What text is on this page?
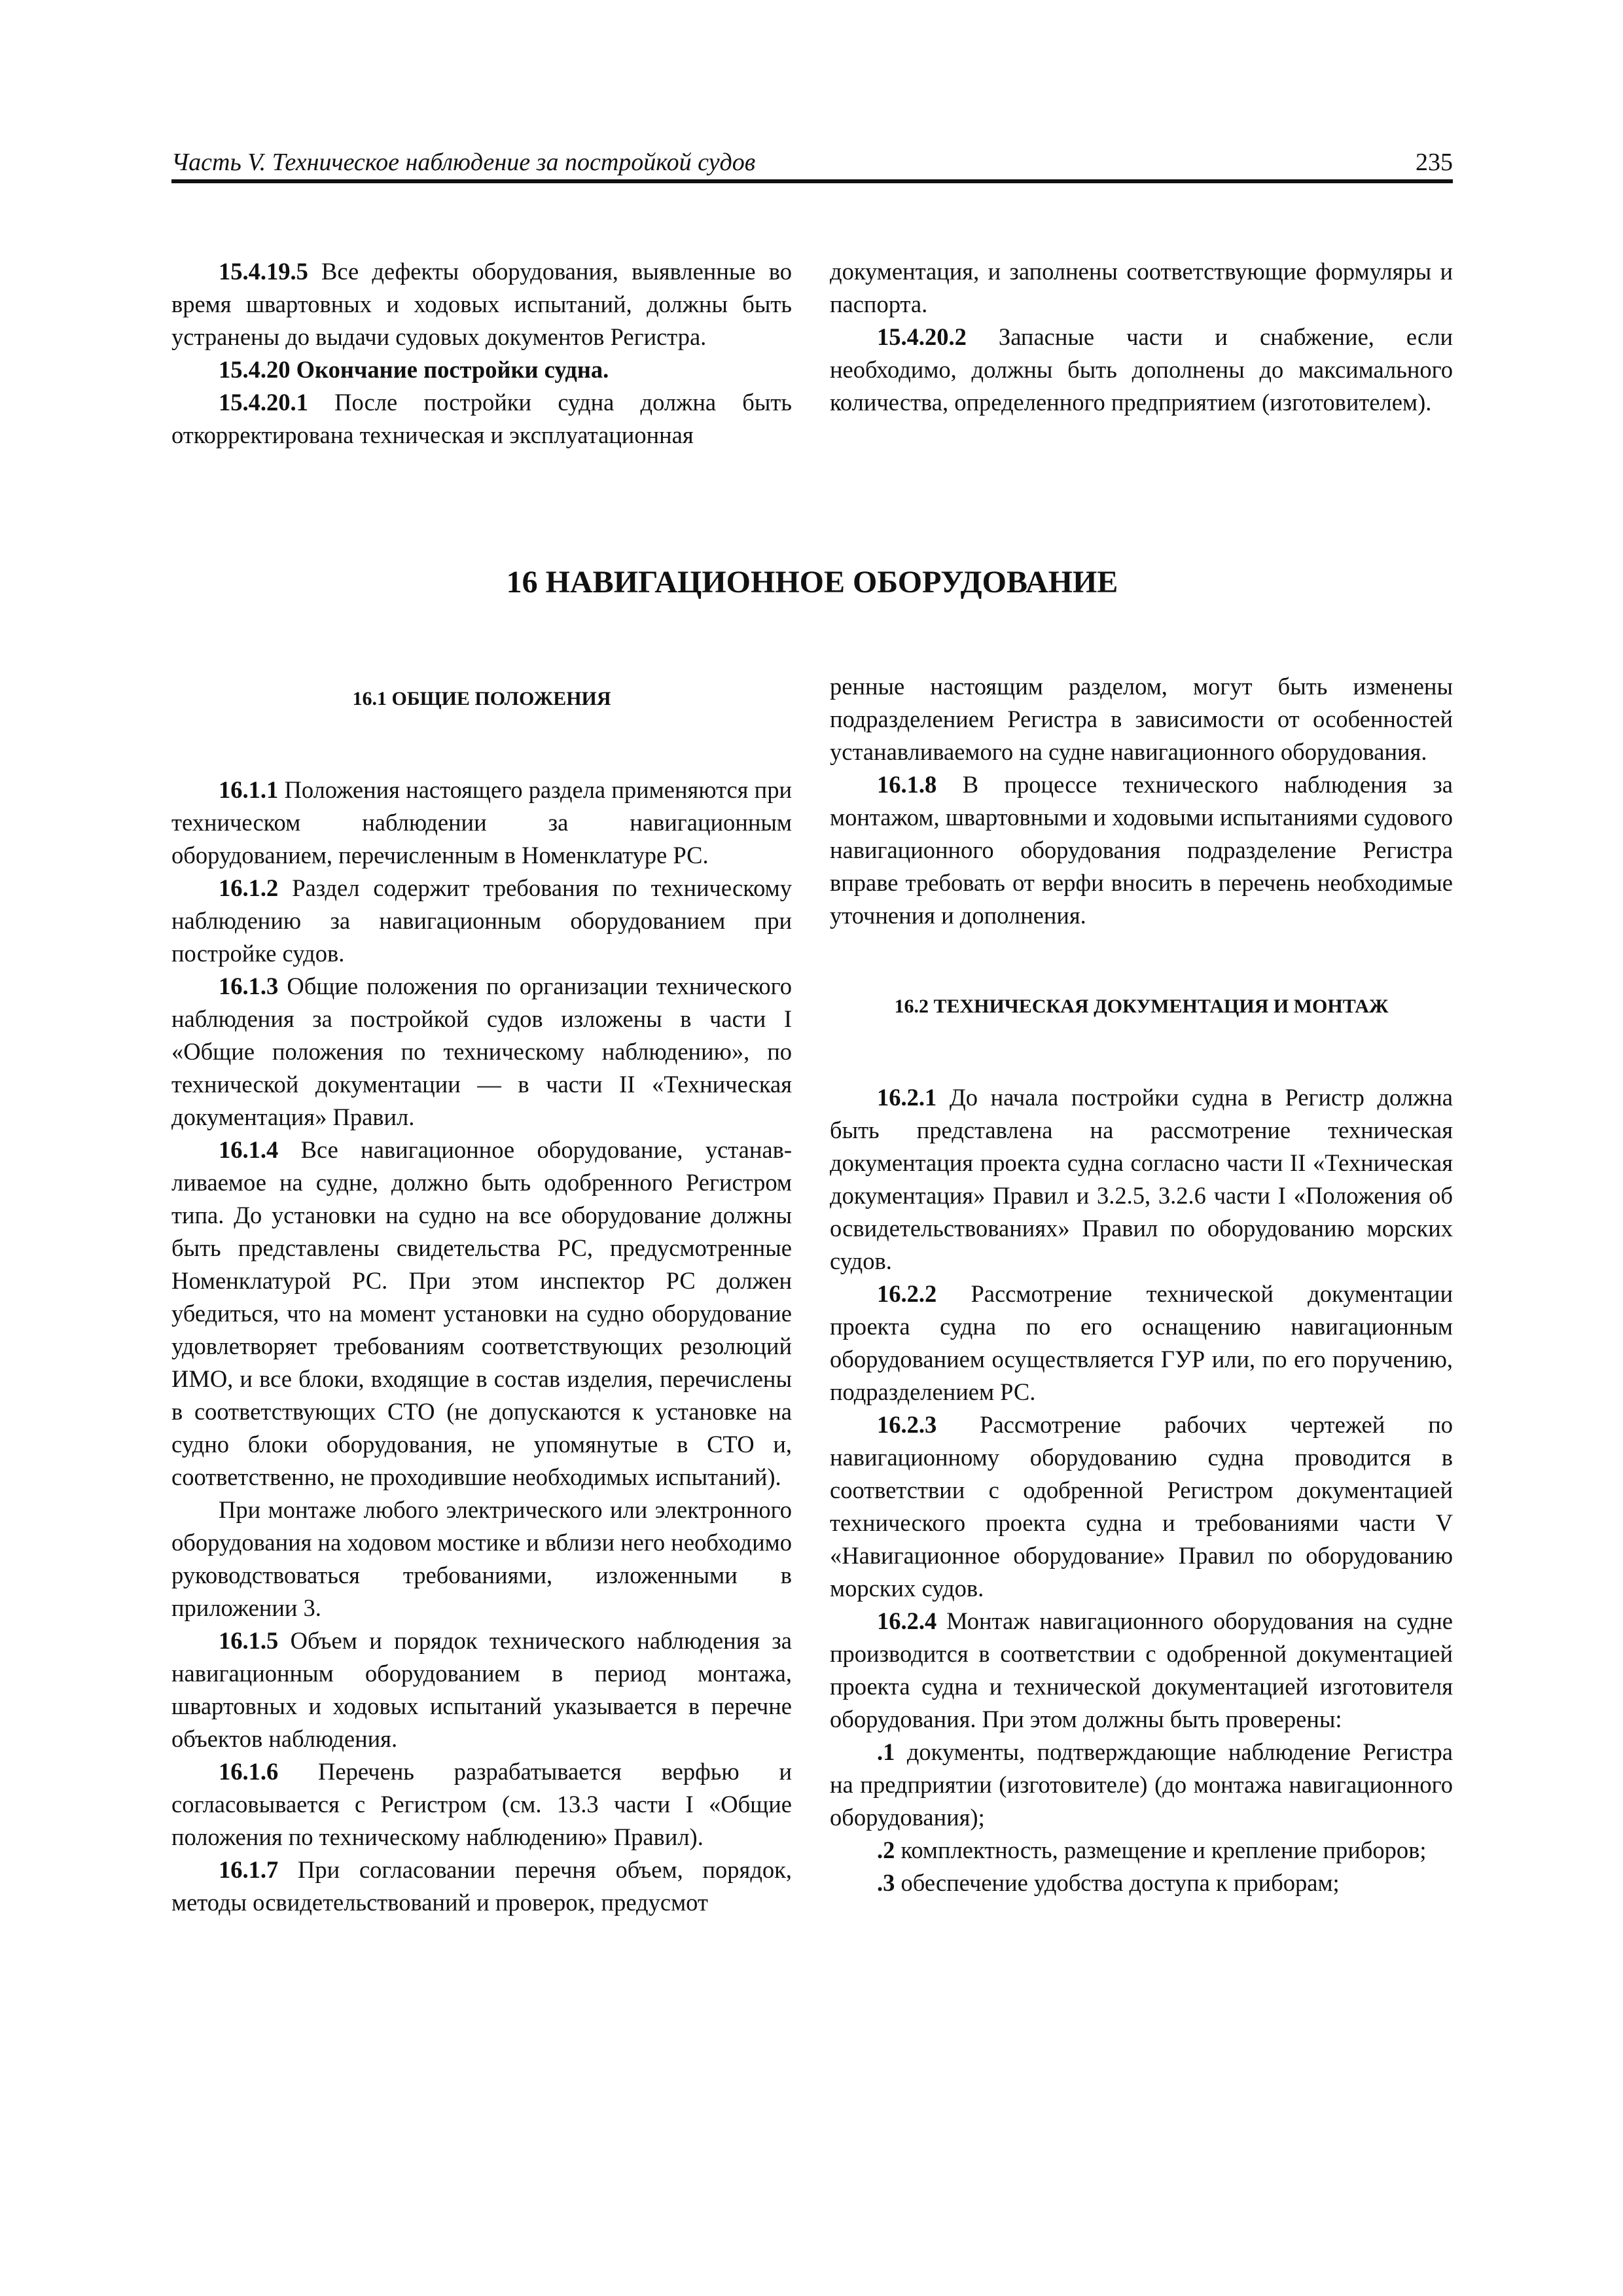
Часть V. Техническое наблюдение за постройкой судов	235

15.4.19.5 Все дефекты оборудования, выявленные во время швартовных и ходовых испытаний, должны быть устранены до выдачи судовых документов Регистра.

15.4.20 Окончание постройки судна.

15.4.20.1 После постройки судна должна быть откорректирована техническая и эксплуатационная

документация, и заполнены соответствующие формуляры и паспорта.

15.4.20.2 Запасные части и снабжение, если необходимо, должны быть дополнены до максимального количества, определенного предприятием (изготовителем).

16 НАВИГАЦИОННОЕ ОБОРУДОВАНИЕ

16.1 ОБЩИЕ ПОЛОЖЕНИЯ

16.1.1 Положения настоящего раздела применяются при техническом наблюдении за навигационным оборудованием, перечисленным в Номенклатуре РС.

16.1.2 Раздел содержит требования по техническому наблюдению за навигационным оборудованием при постройке судов.

16.1.3 Общие положения по организации технического наблюдения за постройкой судов изложены в части I «Общие положения по техническому наблюдению», по технической документации — в части II «Техническая документация» Правил.

16.1.4 Все навигационное оборудование, устанавливаемое на судне, должно быть одобренного Регистром типа. До установки на судно на все оборудование должны быть представлены свидетельства РС, предусмотренные Номенклатурой РС. При этом инспектор РС должен убедиться, что на момент установки на судно оборудование удовлетворяет требованиям соответствующих резолюций ИМО, и все блоки, входящие в состав изделия, перечислены в соответствующих СТО (не допускаются к установке на судно блоки оборудования, не упомянутые в СТО и, соответственно, не проходившие необходимых испытаний).

При монтаже любого электрического или электронного оборудования на ходовом мостике и вблизи него необходимо руководствоваться требованиями, изложенными в приложении 3.

16.1.5 Объем и порядок технического наблюдения за навигационным оборудованием в период монтажа, швартовных и ходовых испытаний указывается в перечне объектов наблюдения.

16.1.6 Перечень разрабатывается верфью и согласовывается с Регистром (см. 13.3 части I «Общие положения по техническому наблюдению» Правил).

16.1.7 При согласовании перечня объем, порядок, методы освидетельствований и проверок, предусмот

ренные настоящим разделом, могут быть изменены подразделением Регистра в зависимости от особенностей устанавливаемого на судне навигационного оборудования.

16.1.8 В процессе технического наблюдения за монтажом, швартовными и ходовыми испытаниями судового навигационного оборудования подразделение Регистра вправе требовать от верфи вносить в перечень необходимые уточнения и дополнения.

16.2 ТЕХНИЧЕСКАЯ ДОКУМЕНТАЦИЯ И МОНТАЖ

16.2.1 До начала постройки судна в Регистр должна быть представлена на рассмотрение техническая документация проекта судна согласно части II «Техническая документация» Правил и 3.2.5, 3.2.6 части I «Положения об освидетельствованиях» Правил по оборудованию морских судов.

16.2.2 Рассмотрение технической документации проекта судна по его оснащению навигационным оборудованием осуществляется ГУР или, по его поручению, подразделением РС.

16.2.3 Рассмотрение рабочих чертежей по навигационному оборудованию судна проводится в соответствии с одобренной Регистром документацией технического проекта судна и требованиями части V «Навигационное оборудование» Правил по оборудованию морских судов.

16.2.4 Монтаж навигационного оборудования на судне производится в соответствии с одобренной документацией проекта судна и технической документацией изготовителя оборудования. При этом должны быть проверены:

.1 документы, подтверждающие наблюдение Регистра на предприятии (изготовителе) (до монтажа навигационного оборудования);

.2 комплектность, размещение и крепление приборов;

.3 обеспечение удобства доступа к приборам;
